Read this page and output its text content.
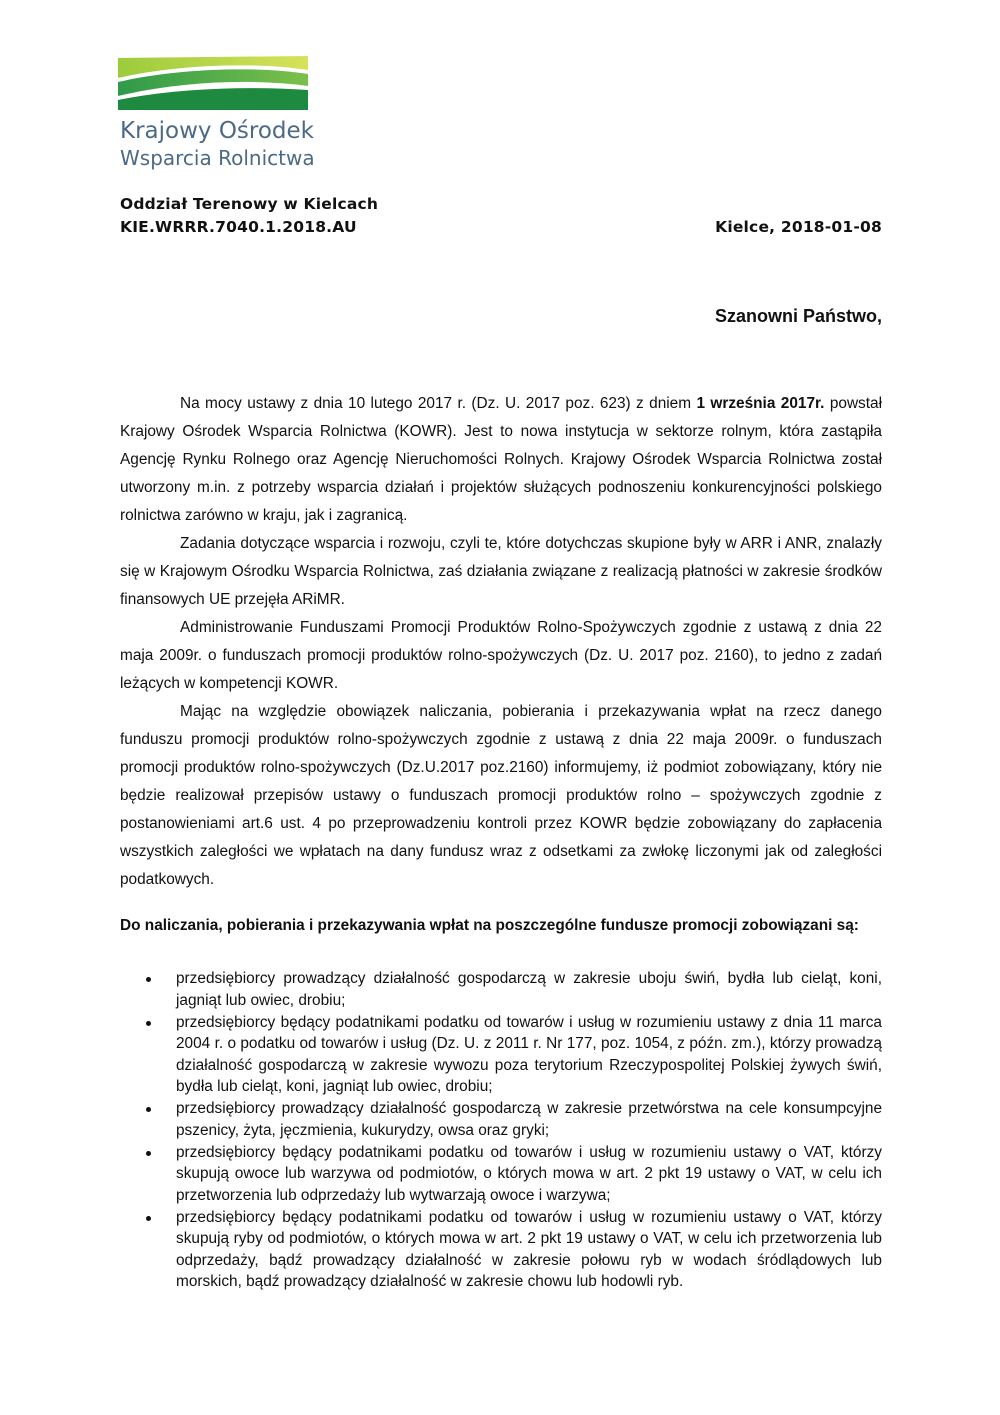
Krajowy Ośrodek
Wsparcia Rolnictwa
Oddział Terenowy w Kielcach
KIE.WRRR.7040.1.2018.AU	Kielce, 2018-01-08
Szanowni Państwo,

Na mocy ustawy z dnia 10 lutego 2017 r. (Dz. U. 2017 poz. 623) z dniem 1 września 2017r. powstał Krajowy Ośrodek Wsparcia Rolnictwa (KOWR). Jest to nowa instytucja w sektorze rolnym, która zastąpiła Agencję Rynku Rolnego oraz Agencję Nieruchomości Rolnych. Krajowy Ośrodek Wsparcia Rolnictwa został utworzony m.in. z potrzeby wsparcia działań i projektów służących podnoszeniu konkurencyjności polskiego rolnictwa zarówno w kraju, jak i zagranicą.

Zadania dotyczące wsparcia i rozwoju, czyli te, które dotychczas skupione były w ARR i ANR, znalazły się w Krajowym Ośrodku Wsparcia Rolnictwa, zaś działania związane z realizacją płatności w zakresie środków finansowych UE przejęła ARiMR.

Administrowanie Funduszami Promocji Produktów Rolno-Spożywczych zgodnie z ustawą z dnia 22 maja 2009r. o funduszach promocji produktów rolno-spożywczych (Dz. U. 2017 poz. 2160), to jedno z zadań leżących w kompetencji KOWR.

Mając na względzie obowiązek naliczania, pobierania i przekazywania wpłat na rzecz danego funduszu promocji produktów rolno-spożywczych zgodnie z ustawą z dnia 22 maja 2009r. o funduszach promocji produktów rolno-spożywczych (Dz.U.2017 poz.2160) informujemy, iż podmiot zobowiązany, który nie będzie realizował przepisów ustawy o funduszach promocji produktów rolno – spożywczych zgodnie z postanowieniami art.6 ust. 4 po przeprowadzeniu kontroli przez KOWR będzie zobowiązany do zapłacenia wszystkich zaległości we wpłatach na dany fundusz wraz z odsetkami za zwłokę liczonymi jak od zaległości podatkowych.

Do naliczania, pobierania i przekazywania wpłat na poszczególne fundusze promocji zobowiązani są:
przedsiębiorcy prowadzący działalność gospodarczą w zakresie uboju świń, bydła lub cieląt, koni, jagniąt lub owiec, drobiu;
przedsiębiorcy będący podatnikami podatku od towarów i usług w rozumieniu ustawy z dnia 11 marca 2004 r. o podatku od towarów i usług (Dz. U. z 2011 r. Nr 177, poz. 1054, z późn. zm.), którzy prowadzą działalność gospodarczą w zakresie wywozu poza terytorium Rzeczypospolitej Polskiej żywych świń, bydła lub cieląt, koni, jagniąt lub owiec, drobiu;
przedsiębiorcy prowadzący działalność gospodarczą w zakresie przetwórstwa na cele konsumpcyjne pszenicy, żyta, jęczmienia, kukurydzy, owsa oraz gryki;
przedsiębiorcy będący podatnikami podatku od towarów i usług w rozumieniu ustawy o VAT, którzy skupują owoce lub warzywa od podmiotów, o których mowa w art. 2 pkt 19 ustawy o VAT, w celu ich przetworzenia lub odprzedaży lub wytwarzają owoce i warzywa;
przedsiębiorcy będący podatnikami podatku od towarów i usług w rozumieniu ustawy o VAT, którzy skupują ryby od podmiotów, o których mowa w art. 2 pkt 19 ustawy o VAT, w celu ich przetworzenia lub odprzedaży, bądź prowadzący działalność w zakresie połowu ryb w wodach śródlądowych lub morskich, bądź prowadzący działalność w zakresie chowu lub hodowli ryb.
